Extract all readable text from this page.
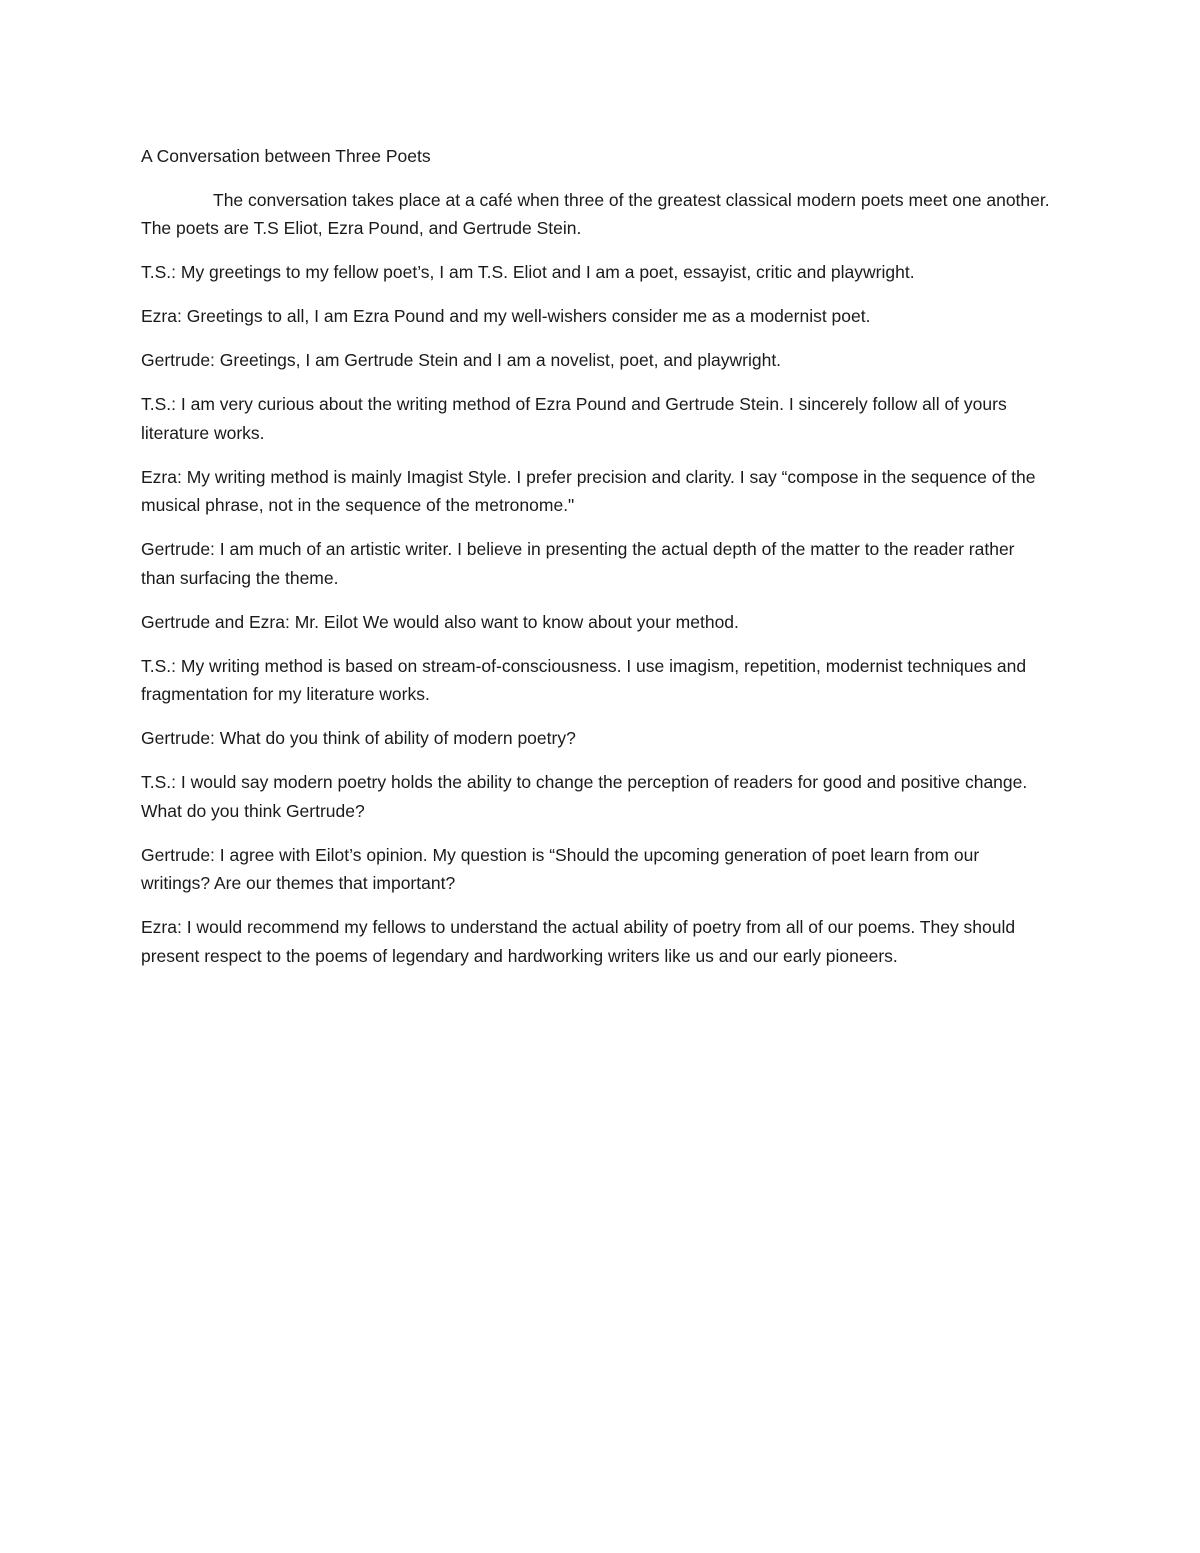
A Conversation between Three Poets

The conversation takes place at a café when three of the greatest classical modern poets meet one another. The poets are T.S Eliot, Ezra Pound, and Gertrude Stein.

T.S.: My greetings to my fellow poet’s, I am T.S. Eliot and I am a poet, essayist, critic and playwright.

Ezra: Greetings to all, I am Ezra Pound and my well-wishers consider me as a modernist poet.

Gertrude: Greetings, I am Gertrude Stein and I am a novelist, poet, and playwright.

T.S.: I am very curious about the writing method of Ezra Pound and Gertrude Stein. I sincerely follow all of yours literature works.

Ezra: My writing method is mainly Imagist Style. I prefer precision and clarity. I say “compose in the sequence of the musical phrase, not in the sequence of the metronome."

Gertrude: I am much of an artistic writer. I believe in presenting the actual depth of the matter to the reader rather than surfacing the theme.

Gertrude and Ezra: Mr. Eilot We would also want to know about your method.

T.S.: My writing method is based on stream-of-consciousness. I use imagism, repetition, modernist techniques and fragmentation for my literature works.

Gertrude: What do you think of ability of modern poetry?

T.S.: I would say modern poetry holds the ability to change the perception of readers for good and positive change. What do you think Gertrude?

Gertrude: I agree with Eilot’s opinion. My question is “Should the upcoming generation of poet learn from our writings? Are our themes that important?

Ezra: I would recommend my fellows to understand the actual ability of poetry from all of our poems. They should present respect to the poems of legendary and hardworking writers like us and our early pioneers.
